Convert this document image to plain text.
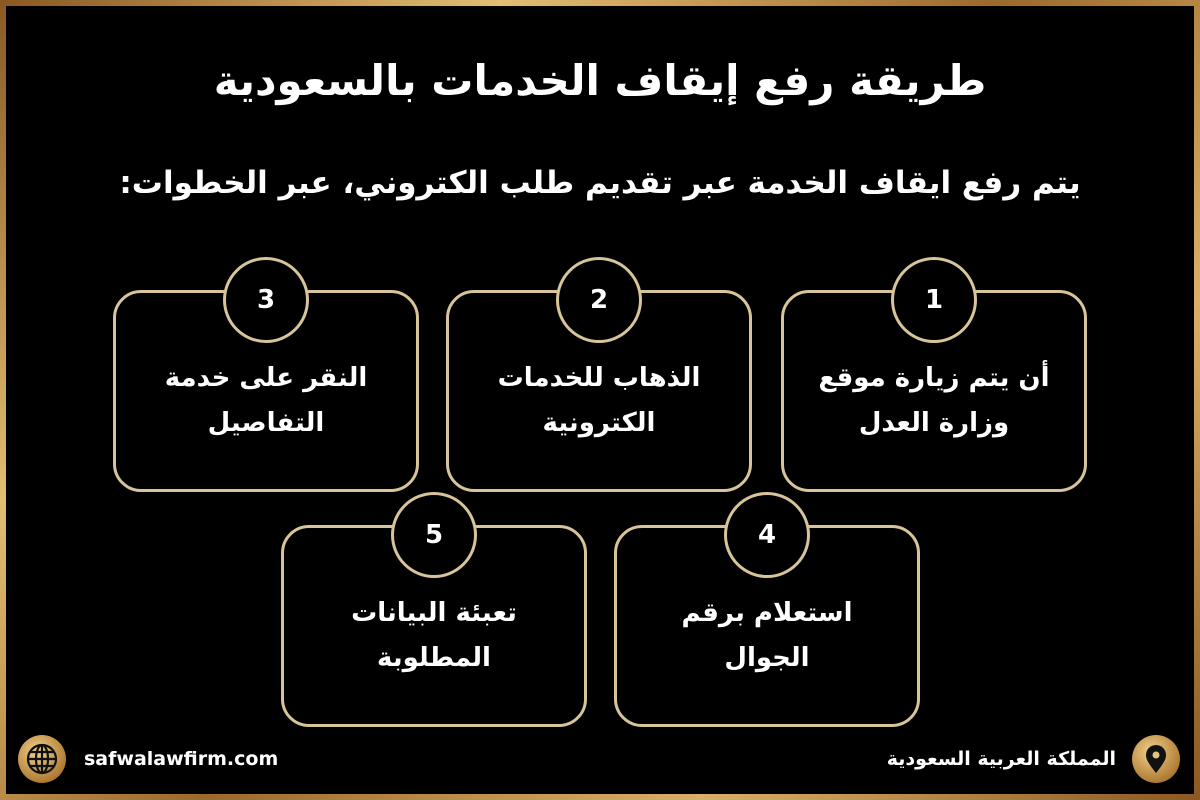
طريقة رفع إيقاف الخدمات بالسعودية
يتم رفع ايقاف الخدمة عبر تقديم طلب الكتروني، عبر الخطوات:
1
أن يتم زيارة موقع وزارة العدل
2
الذهاب للخدمات الكترونية
3
النقر على خدمة التفاصيل
4
استعلام برقم الجوال
5
تعبئة البيانات المطلوبة
safwalawfirm.com	المملكة العربية السعودية
